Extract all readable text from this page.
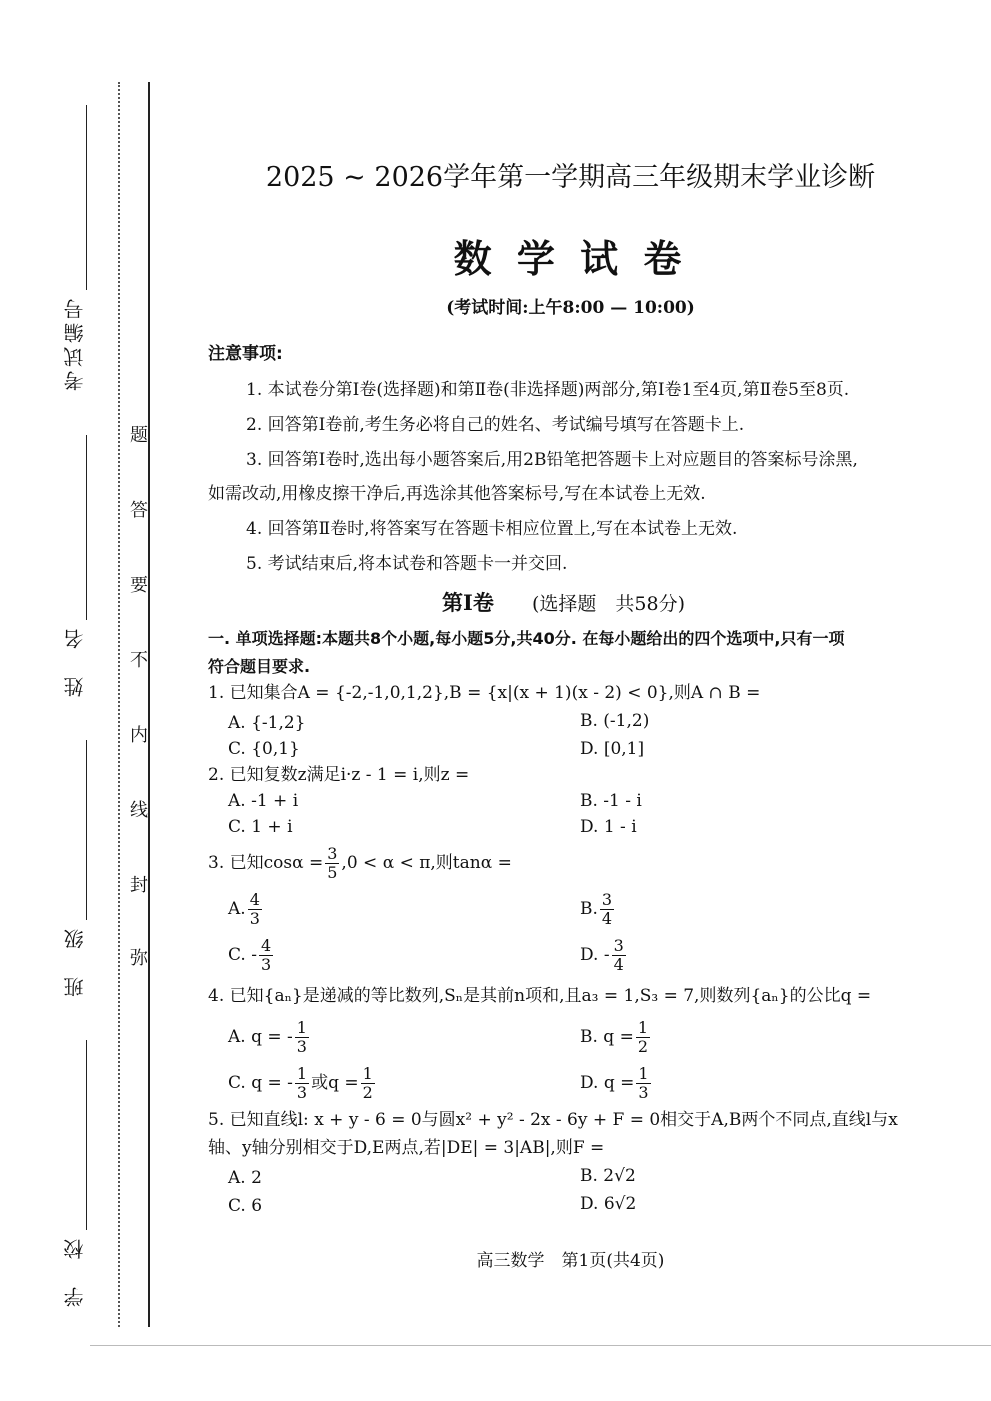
考试编号
姓　名
班　级
学　校
题
答
要
不
内
线
封
弥
2025 ~ 2026学年第一学期高三年级期末学业诊断
数 学 试 卷
(考试时间:上午8:00 — 10:00)
注意事项:
1. 本试卷分第Ⅰ卷(选择题)和第Ⅱ卷(非选择题)两部分,第Ⅰ卷1至4页,第Ⅱ卷5至8页.
2. 回答第Ⅰ卷前,考生务必将自己的姓名、考试编号填写在答题卡上.
3. 回答第Ⅰ卷时,选出每小题答案后,用2B铅笔把答题卡上对应题目的答案标号涂黑,
如需改动,用橡皮擦干净后,再选涂其他答案标号,写在本试卷上无效.
4. 回答第Ⅱ卷时,将答案写在答题卡相应位置上,写在本试卷上无效.
5. 考试结束后,将本试卷和答题卡一并交回.
第Ⅰ卷 (选择题　共58分)
一. 单项选择题:本题共8个小题,每小题5分,共40分. 在每小题给出的四个选项中,只有一项
符合题目要求.
1. 已知集合A = {-2,-1,0,1,2},B = {x|(x + 1)(x - 2) < 0},则A ∩ B =
A. {-1,2}	B. (-1,2)
C. {0,1}	D. [0,1]
2. 已知复数z满足i·z - 1 = i,则z =
A. -1 + i	B. -1 - i
C. 1 + i	D. 1 - i
3. 已知$\cos\alpha = \frac{3}{5} ,0 < \alpha < \pi$,则tanα =
A. $\frac{4}{3}$	B. $\frac{3}{4}$
C. - $\frac{4}{3}$	D. - $\frac{3}{4}$
4. 已知{aₙ}是递减的等比数列,Sₙ是其前n项和,且a₃ = 1,S₃ = 7,则数列{aₙ}的公比q =
A. q = - $\frac{1}{3}$	B. $q = \frac{1}{2}$
C. q = - $\frac{1}{3}$ 或$q = \frac{1}{2}$	D. $q = \frac{1}{3}$
5. 已知直线l: x + y - 6 = 0与圆x² + y² - 2x - 6y + F = 0相交于A,B两个不同点,直线l与x
轴、y轴分别相交于D,E两点,若|DE| = 3|AB|,则F =
A. 2	B. 2√2
C. 6	D. 6√2
高三数学　第1页(共4页)
